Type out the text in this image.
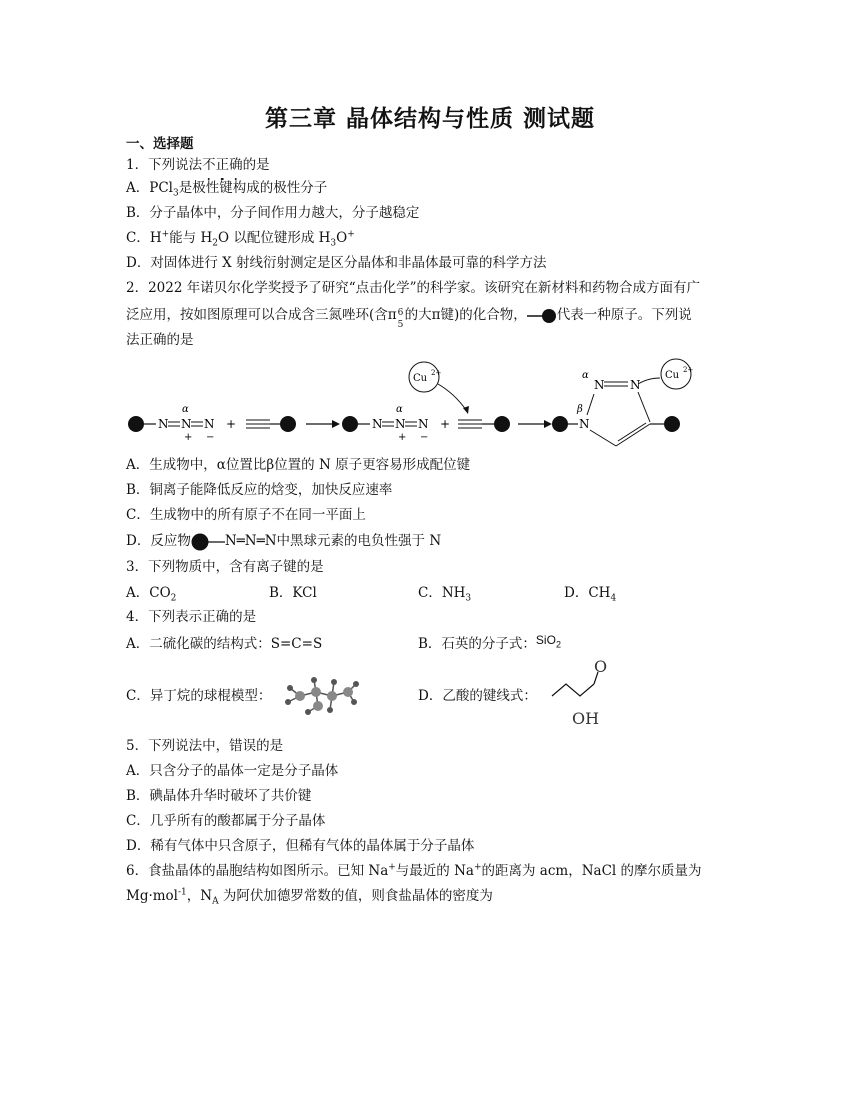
第三章 晶体结构与性质 测试题
一、选择题
1．下列说法不正确的是
A．PCl$_3$是极性键构成的极性分子
B．分子晶体中，分子间作用力越大，分子越稳定
C．H+能与 $H_2O$ 以配位键形成 $H_3O^+$
D．对固体进行 X 射线衍射测定是区分晶体和非晶体最可靠的科学方法
2．2022 年诺贝尔化学奖授予了研究“点击化学”的科学家。该研究在新材料和药物合成方面有广
泛应用，按如图原理可以合成含三氮唑环(含π 6
5
的大π键)的化合物， 代表一种原子。下列说
法正确的是
N N N
α
+ −
+	N N N
α
+ −
+
Cu 2+
N
β
α
N N
Cu 2+
A．生成物中，α位置比β位置的 N 原子更容易形成配位键
B．铜离子能降低反应的焓变，加快反应速率
C．生成物中的所有原子不在同一平面上
D．反应物	N═N═N中黑球元素的电负性强于 N
3．下列物质中，含有离子键的是
A．$CO_2$	B．KCl	C．$NH_3$	D．$CH_4$
4．下列表示正确的是
A．二硫化碳的结构式：S=C=S	B．石英的分子式：SiO$_2$
C．异丁烷的球棍模型：	D．乙酸的键线式：
O
OH
5．下列说法中，错误的是
A．只含分子的晶体一定是分子晶体
B．碘晶体升华时破坏了共价键
C．几乎所有的酸都属于分子晶体
D．稀有气体中只含原子，但稀有气体的晶体属于分子晶体
6．食盐晶体的晶胞结构如图所示。已知 Na+与最近的 Na+的距离为 acm，NaCl 的摩尔质量为
Mg·mol$^{-1}$，$N_A$ 为阿伏加德罗常数的值，则食盐晶体的密度为
